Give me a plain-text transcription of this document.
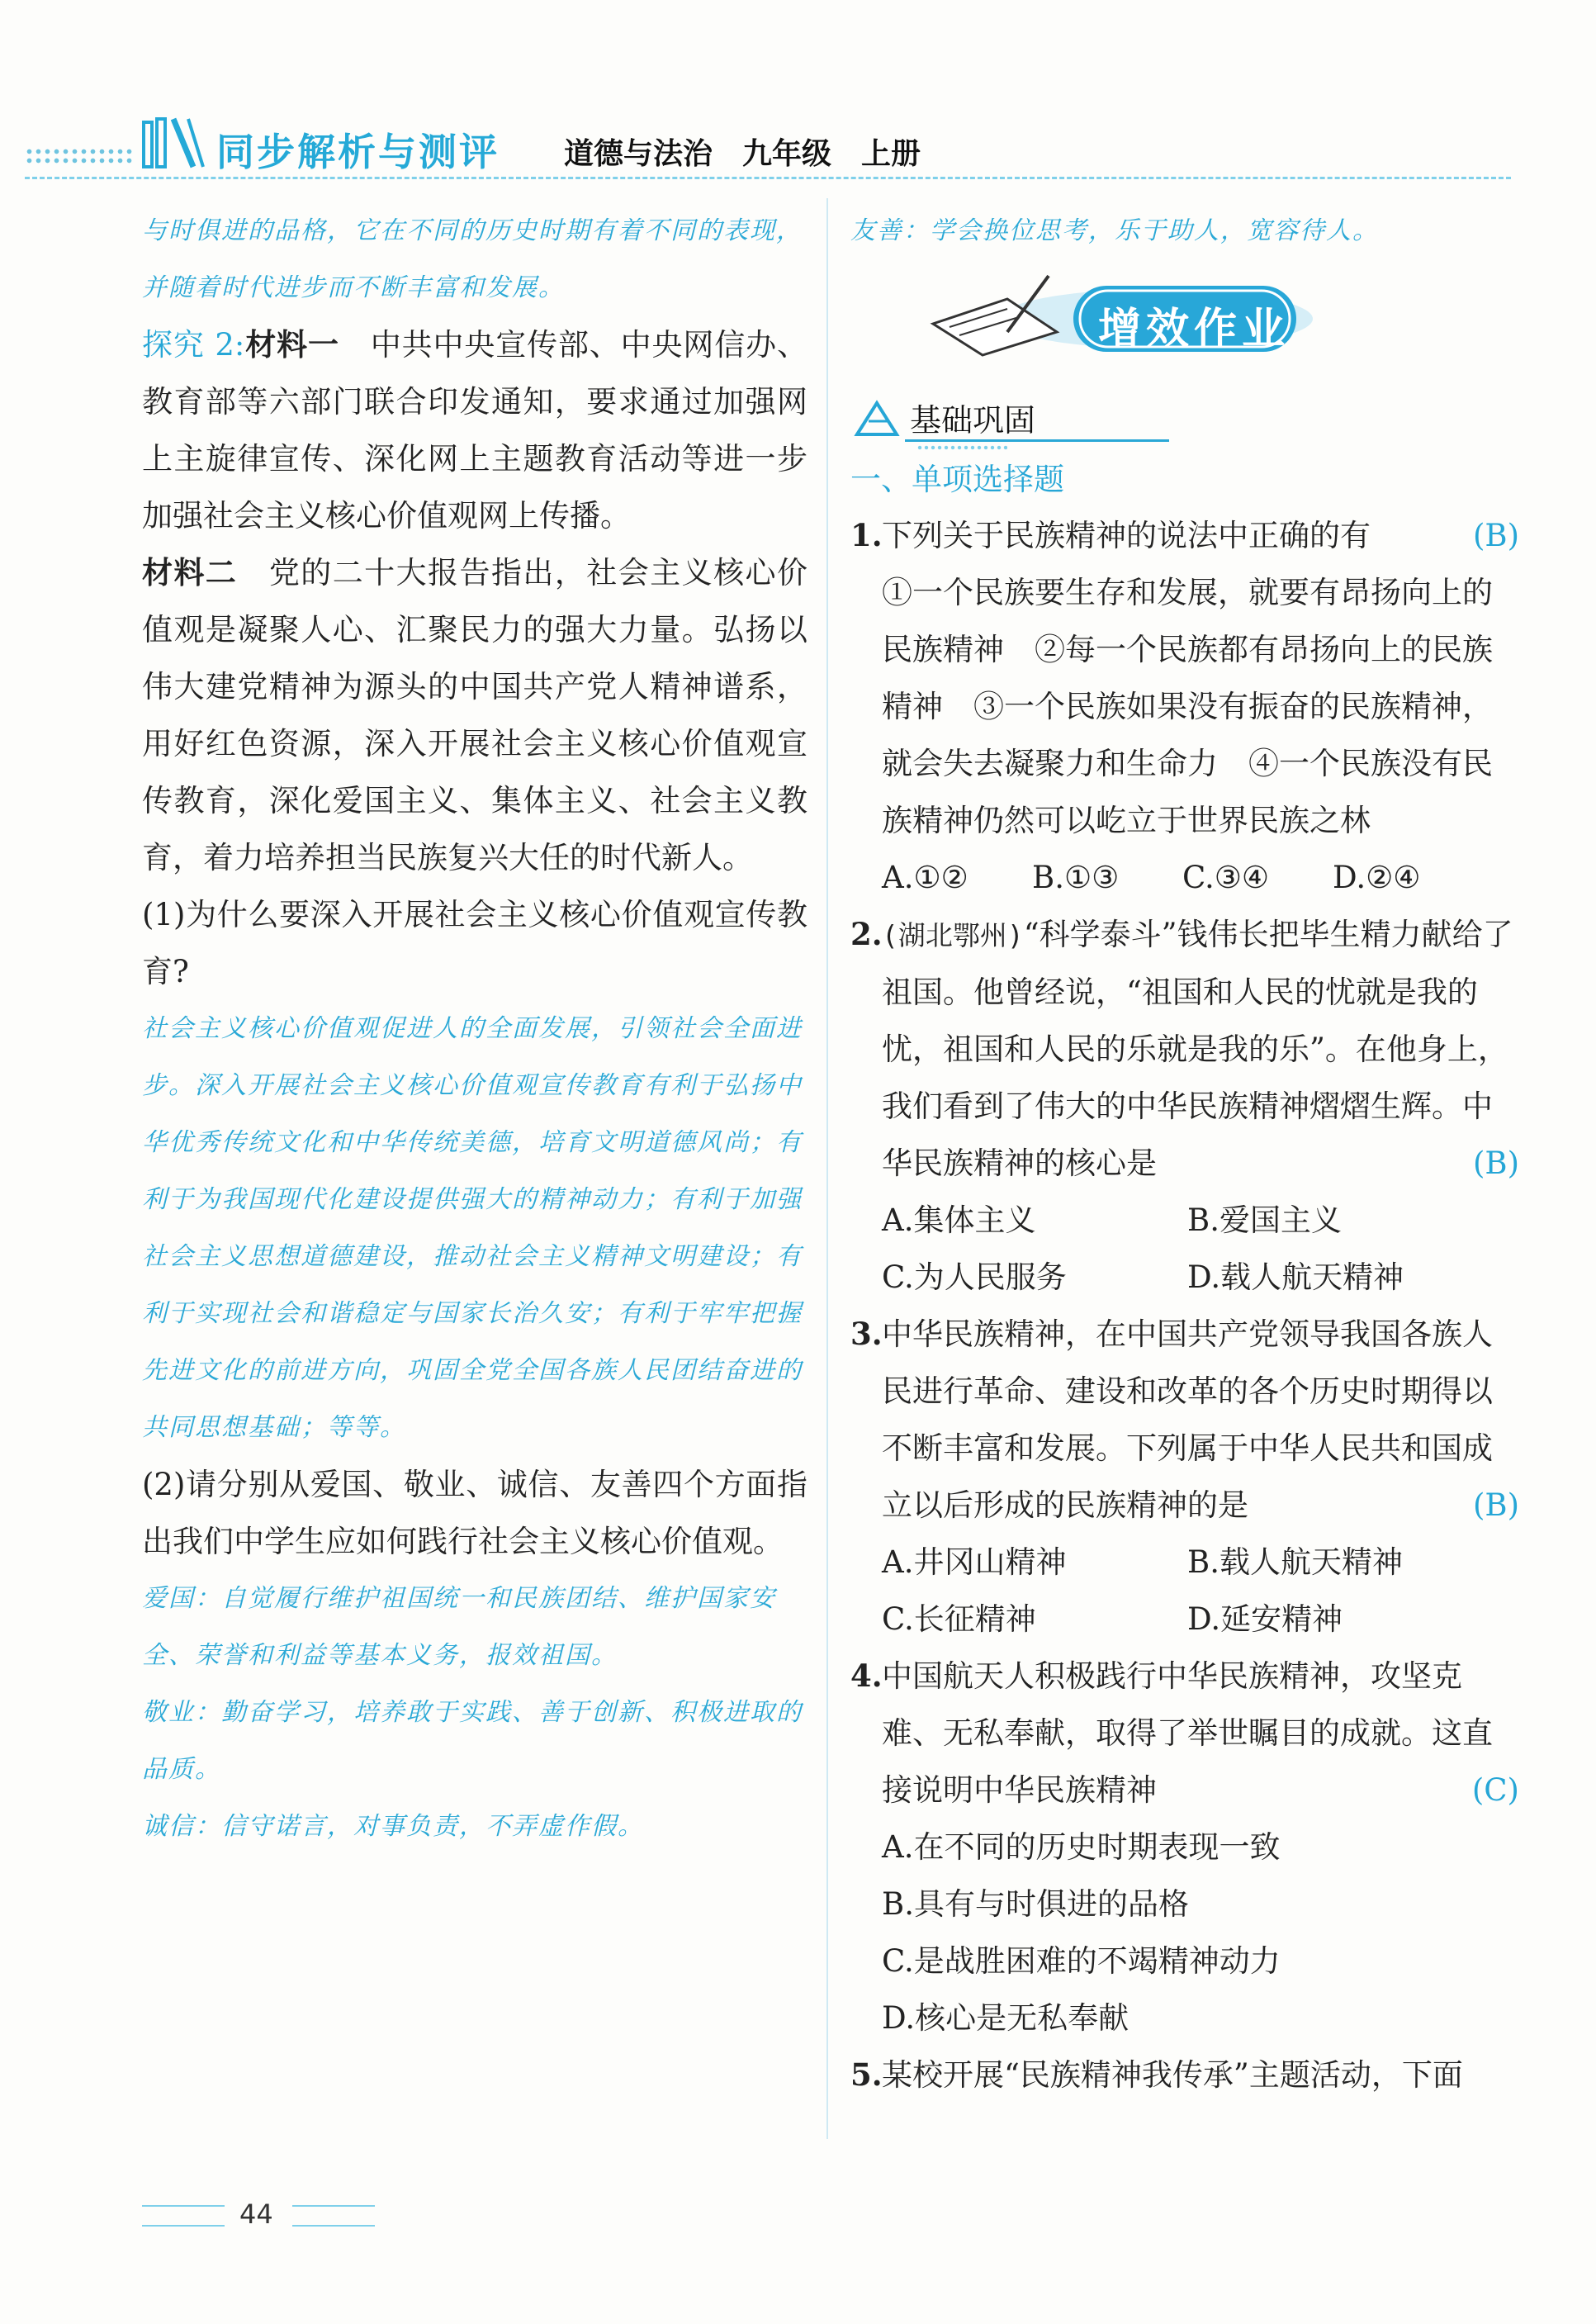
同步解析与测评 道德与法治 九年级 上册

与时俱进的品格，它在不同的历史时期有着不同的表现，并随着时代进步而不断丰富和发展。

探究 2:材料一　 中共中央宣传部、中央网信办、教育部等六部门联合印发通知，要求通过加强网上主旋律宣传、深化网上主题教育活动等进一步加强社会主义核心价值观网上传播。

材料二　 党的二十大报告指出，社会主义核心价值观是凝聚人心、汇聚民力的强大力量。弘扬以伟大建党精神为源头的中国共产党人精神谱系，用好红色资源，深入开展社会主义核心价值观宣传教育，深化爱国主义、集体主义、社会主义教育，着力培养担当民族复兴大任的时代新人。

(1)为什么要深入开展社会主义核心价值观宣传教育?

社会主义核心价值观促进人的全面发展，引领社会全面进步。深入开展社会主义核心价值观宣传教育有利于弘扬中华优秀传统文化和中华传统美德，培育文明道德风尚；有利于为我国现代化建设提供强大的精神动力；有利于加强社会主义思想道德建设，推动社会主义精神文明建设；有利于实现社会和谐稳定与国家长治久安；有利于牢牢把握先进文化的前进方向，巩固全党全国各族人民团结奋进的共同思想基础；等等。

(2)请分别从爱国、敬业、诚信、友善四个方面指出我们中学生应如何践行社会主义核心价值观。

爱国：自觉履行维护祖国统一和民族团结、维护国家安全、荣誉和利益等基本义务，报效祖国。

敬业：勤奋学习，培养敢于实践、善于创新、积极进取的品质。

诚信：信守诺言，对事负责，不弄虚作假。

友善：学会换位思考，乐于助人，宽容待人。

增效作业
基础巩固

一、单项选择题

1. 下列关于民族精神的说法中正确的有	(B)

①一个民族要生存和发展，就要有昂扬向上的民族精神　②每一个民族都有昂扬向上的民族精神　③一个民族如果没有振奋的民族精神，就会失去凝聚力和生命力　④一个民族没有民族精神仍然可以屹立于世界民族之林

A.①② B.①③ C.③④ D.②④

2. (湖北鄂州)“科学泰斗”钱伟长把毕生精力献给了祖国。他曾经说，“祖国和人民的忧就是我的忧，祖国和人民的乐就是我的乐”。在他身上，我们看到了伟大的中华民族精神熠熠生辉。中华民族精神的核心是	(B)

A.集体主义	B.爱国主义

C.为人民服务	D.载人航天精神

3. 中华民族精神，在中国共产党领导我国各族人民进行革命、建设和改革的各个历史时期得以不断丰富和发展。下列属于中华人民共和国成立以后形成的民族精神的是	(B)

A.井冈山精神	B.载人航天精神

C.长征精神	D.延安精神

4. 中国航天人积极践行中华民族精神，攻坚克难、无私奉献，取得了举世瞩目的成就。这直接说明中华民族精神	(C)

A.在不同的历史时期表现一致

B.具有与时俱进的品格

C.是战胜困难的不竭精神动力

D.核心是无私奉献

5. 某校开展“民族精神我传承”主题活动，下面

44
